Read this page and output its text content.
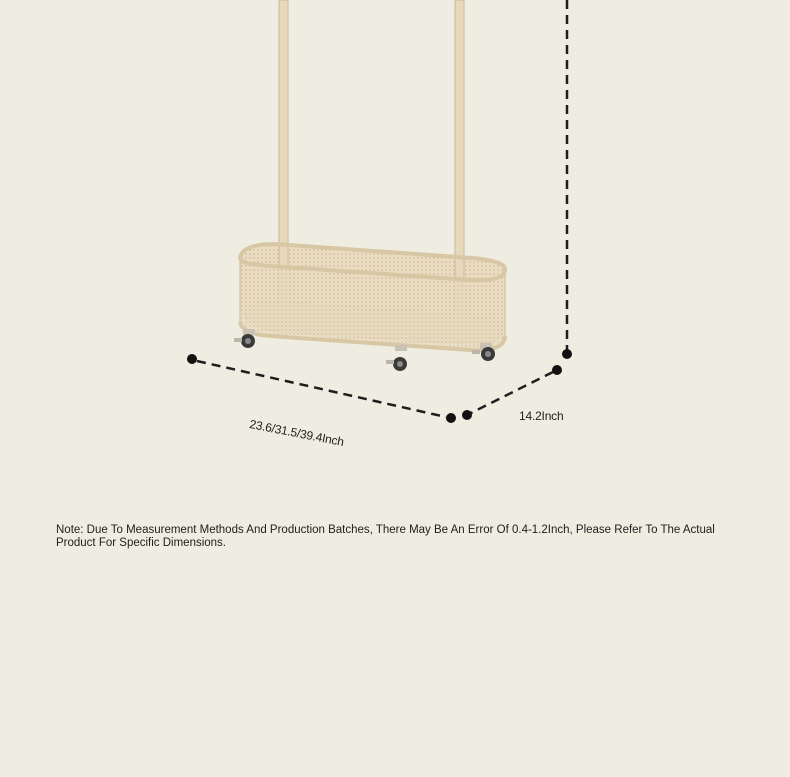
23.6/31.5/39.4Inch
14.2Inch

Note: Due To Measurement Methods And Production Batches, There May Be An Error Of 0.4-1.2Inch, Please Refer To The Actual Product For Specific Dimensions.
